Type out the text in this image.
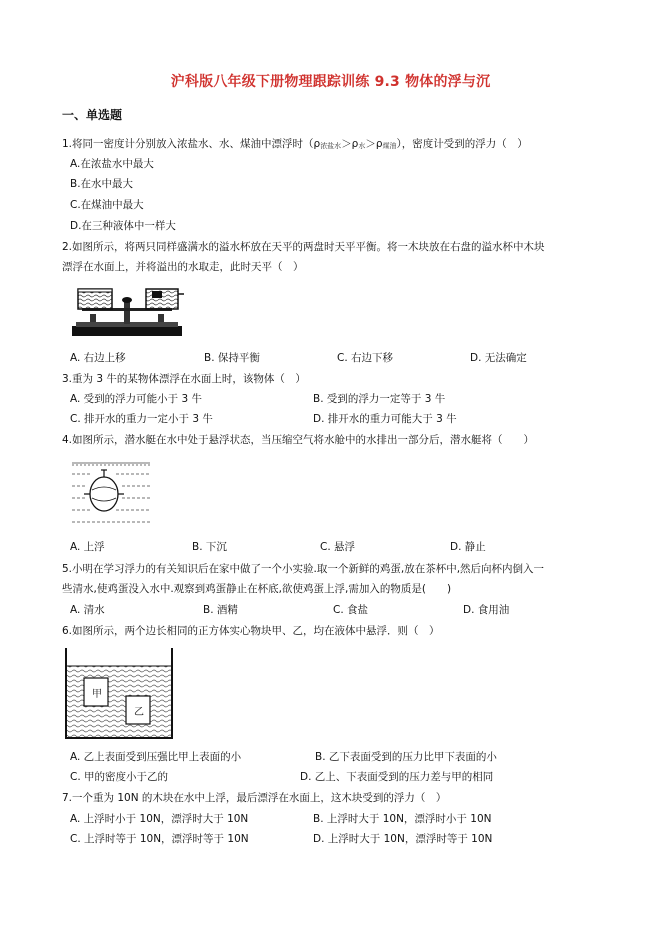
沪科版八年级下册物理跟踪训练 9.3 物体的浮与沉
一、单选题
1.将同一密度计分别放入浓盐水、水、煤油中漂浮时（ρ浓盐水＞ρ水＞ρ煤油），密度计受到的浮力（　）
A.在浓盐水中最大
B.在水中最大
C.在煤油中最大
D.在三种液体中一样大
2.如图所示，将两只同样盛满水的溢水杯放在天平的两盘时天平平衡。将一木块放在右盘的溢水杯中木块
漂浮在水面上，并将溢出的水取走，此时天平（　）
A. 右边上移	B. 保持平衡	C. 右边下移	D. 无法确定
3.重为 3 牛的某物体漂浮在水面上时，该物体（　）
A. 受到的浮力可能小于 3 牛	B. 受到的浮力一定等于 3 牛
C. 排开水的重力一定小于 3 牛	D. 排开水的重力可能大于 3 牛
4.如图所示，潜水艇在水中处于悬浮状态，当压缩空气将水舱中的水排出一部分后，潜水艇将（　　）
A. 上浮	B. 下沉	C. 悬浮	D. 静止
5.小明在学习浮力的有关知识后在家中做了一个小实验.取一个新鲜的鸡蛋,放在茶杯中,然后向杯内倒入一
些清水,使鸡蛋没入水中.观察到鸡蛋静止在杯底,欲使鸡蛋上浮,需加入的物质是(　　)
A. 清水	B. 酒精	C. 食盐	D. 食用油
6.如图所示，两个边长相同的正方体实心物块甲、乙，均在液体中悬浮．则（　）
甲
乙
A. 乙上表面受到压强比甲上表面的小	B. 乙下表面受到的压力比甲下表面的小
C. 甲的密度小于乙的	D. 乙上、下表面受到的压力差与甲的相同
7.一个重为 10N 的木块在水中上浮，最后漂浮在水面上，这木块受到的浮力（　）
A. 上浮时小于 10N，漂浮时大于 10N	B. 上浮时大于 10N，漂浮时小于 10N
C. 上浮时等于 10N，漂浮时等于 10N	D. 上浮时大于 10N，漂浮时等于 10N
